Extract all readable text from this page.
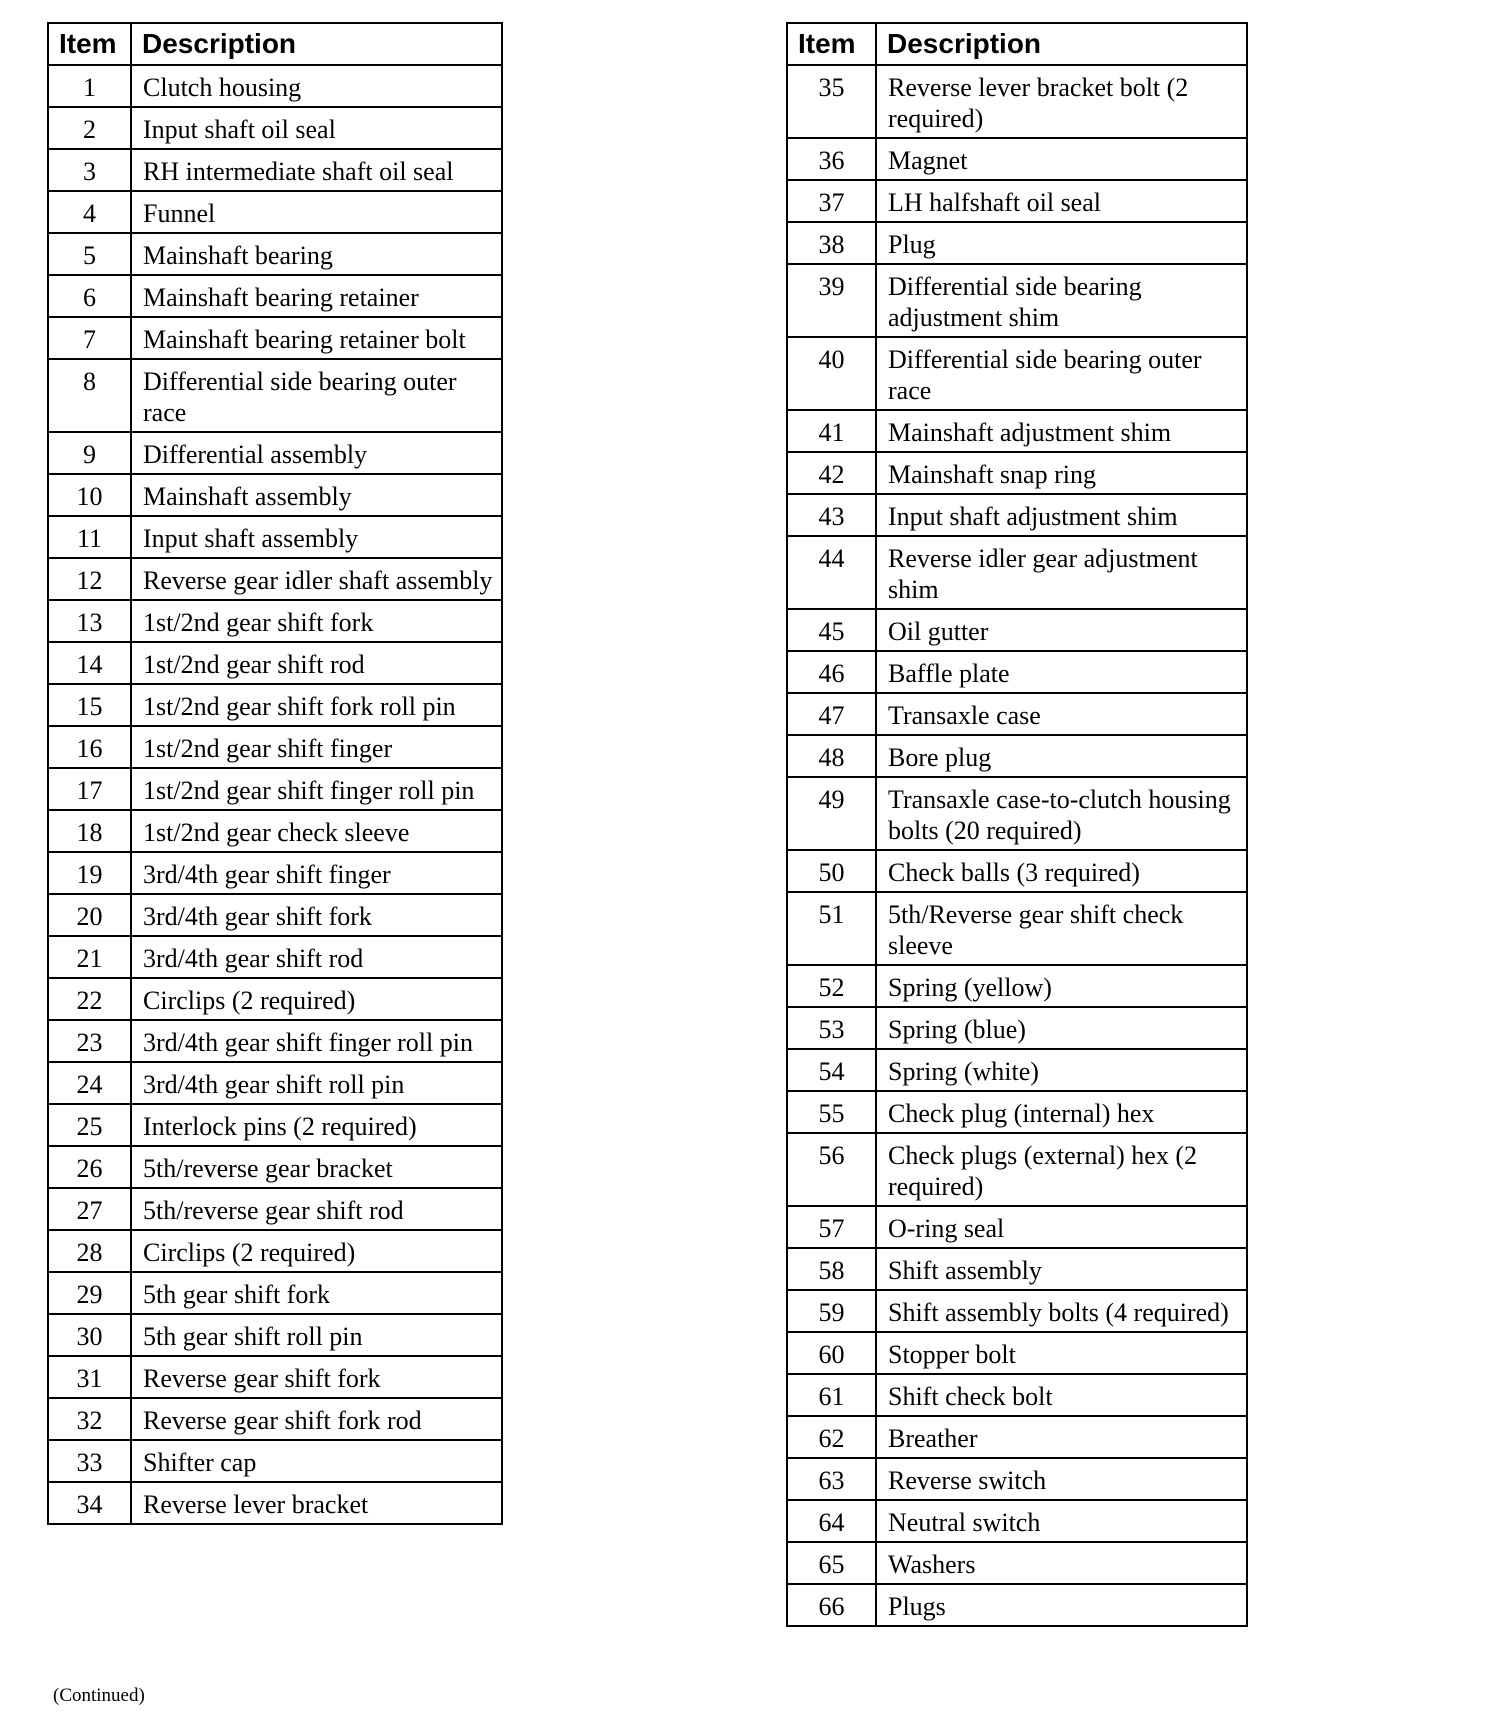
Item	Description
1	Clutch housing
2	Input shaft oil seal
3	RH intermediate shaft oil seal
4	Funnel
5	Mainshaft bearing
6	Mainshaft bearing retainer
7	Mainshaft bearing retainer bolt
8	Differential side bearing outer race
9	Differential assembly
10	Mainshaft assembly
11	Input shaft assembly
12	Reverse gear idler shaft assembly
13	1st/2nd gear shift fork
14	1st/2nd gear shift rod
15	1st/2nd gear shift fork roll pin
16	1st/2nd gear shift finger
17	1st/2nd gear shift finger roll pin
18	1st/2nd gear check sleeve
19	3rd/4th gear shift finger
20	3rd/4th gear shift fork
21	3rd/4th gear shift rod
22	Circlips (2 required)
23	3rd/4th gear shift finger roll pin
24	3rd/4th gear shift roll pin
25	Interlock pins (2 required)
26	5th/reverse gear bracket
27	5th/reverse gear shift rod
28	Circlips (2 required)
29	5th gear shift fork
30	5th gear shift roll pin
31	Reverse gear shift fork
32	Reverse gear shift fork rod
33	Shifter cap
34	Reverse lever bracket
Item	Description
35	Reverse lever bracket bolt (2 required)
36	Magnet
37	LH halfshaft oil seal
38	Plug
39	Differential side bearing adjustment shim
40	Differential side bearing outer race
41	Mainshaft adjustment shim
42	Mainshaft snap ring
43	Input shaft adjustment shim
44	Reverse idler gear adjustment shim
45	Oil gutter
46	Baffle plate
47	Transaxle case
48	Bore plug
49	Transaxle case-to-clutch housing bolts (20 required)
50	Check balls (3 required)
51	5th/Reverse gear shift check sleeve
52	Spring (yellow)
53	Spring (blue)
54	Spring (white)
55	Check plug (internal) hex
56	Check plugs (external) hex (2 required)
57	O-ring seal
58	Shift assembly
59	Shift assembly bolts (4 required)
60	Stopper bolt
61	Shift check bolt
62	Breather
63	Reverse switch
64	Neutral switch
65	Washers
66	Plugs
(Continued)
